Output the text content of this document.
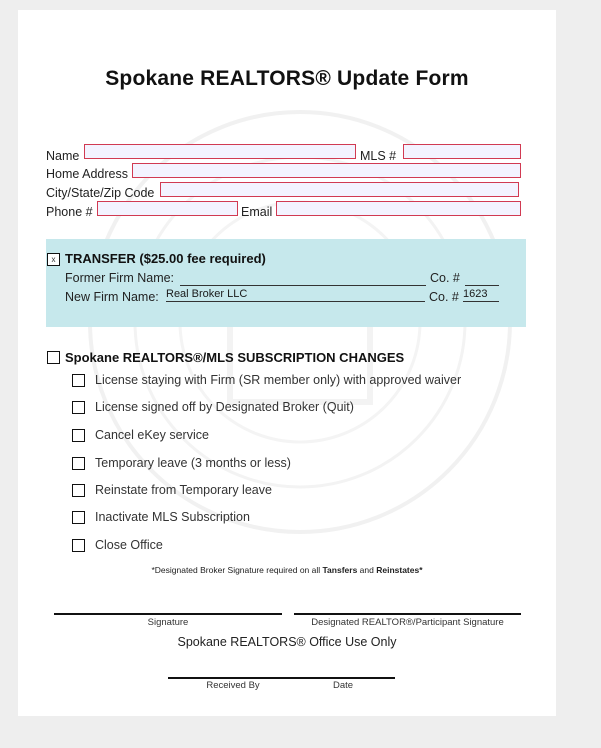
Spokane REALTORS® Update Form
Name	MLS #
Home Address
City/State/Zip Code
Phone #	Email
x TRANSFER ($25.00 fee required)
Former Firm Name:	Co. #
New Firm Name: Real Broker LLC	Co. # 1623
Spokane REALTORS®/MLS SUBSCRIPTION CHANGES
License staying with Firm (SR member only) with approved waiver
License signed off by Designated Broker (Quit)
Cancel eKey service
Temporary leave (3 months or less)
Reinstate from Temporary leave
Inactivate MLS Subscription
Close Office
*Designated Broker Signature required on all Tansfers and Reinstates*
Signature	Designated REALTOR®/Participant Signature
Spokane REALTORS® Office Use Only
Received By	Date
